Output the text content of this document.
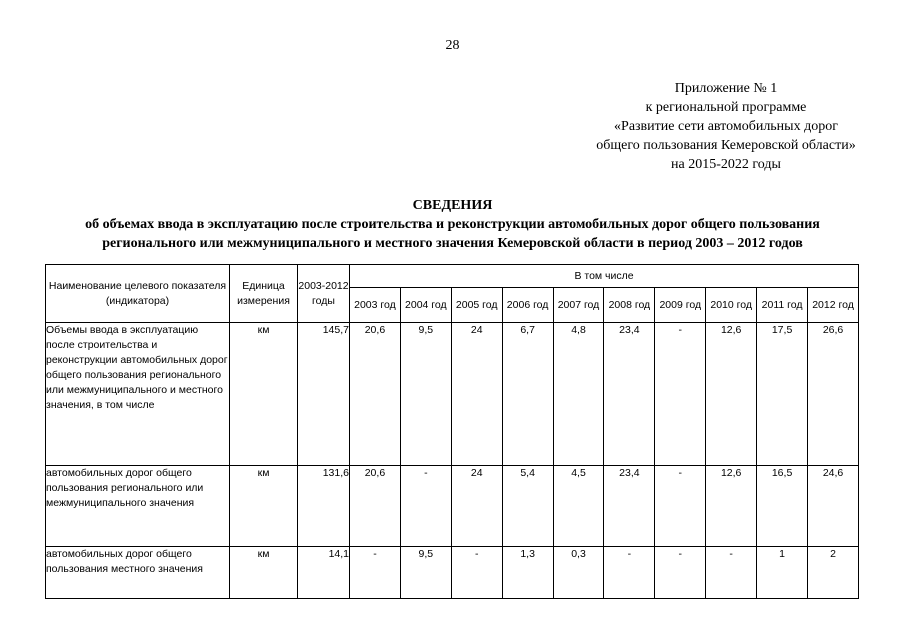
28
Приложение № 1
к региональной программе
«Развитие сети автомобильных дорог
общего пользования Кемеровской области»
на 2015-2022 годы
СВЕДЕНИЯ
об объемах ввода в эксплуатацию после строительства и реконструкции автомобильных дорог общего пользования
регионального или межмуниципального и местного значения Кемеровской области в период 2003 – 2012 годов
Наименование целевого показателя (индикатора)	Единица измерения	2003-2012 годы	В том числе									
			2003 год	2004 год	2005 год	2006 год	2007 год	2008 год	2009 год	2010 год	2011 год	2012 год
Объемы ввода в эксплуатацию после строительства и реконструкции автомобильных дорог общего пользования регионального или межмуниципального и местного значения, в том числе	км	145,7	20,6	9,5	24	6,7	4,8	23,4	-	12,6	17,5	26,6
автомобильных дорог общего пользования регионального или межмуниципального значения	км	131,6	20,6	-	24	5,4	4,5	23,4	-	12,6	16,5	24,6
автомобильных дорог общего пользования местного значения	км	14,1	-	9,5	-	1,3	0,3	-	-	-	1	2
